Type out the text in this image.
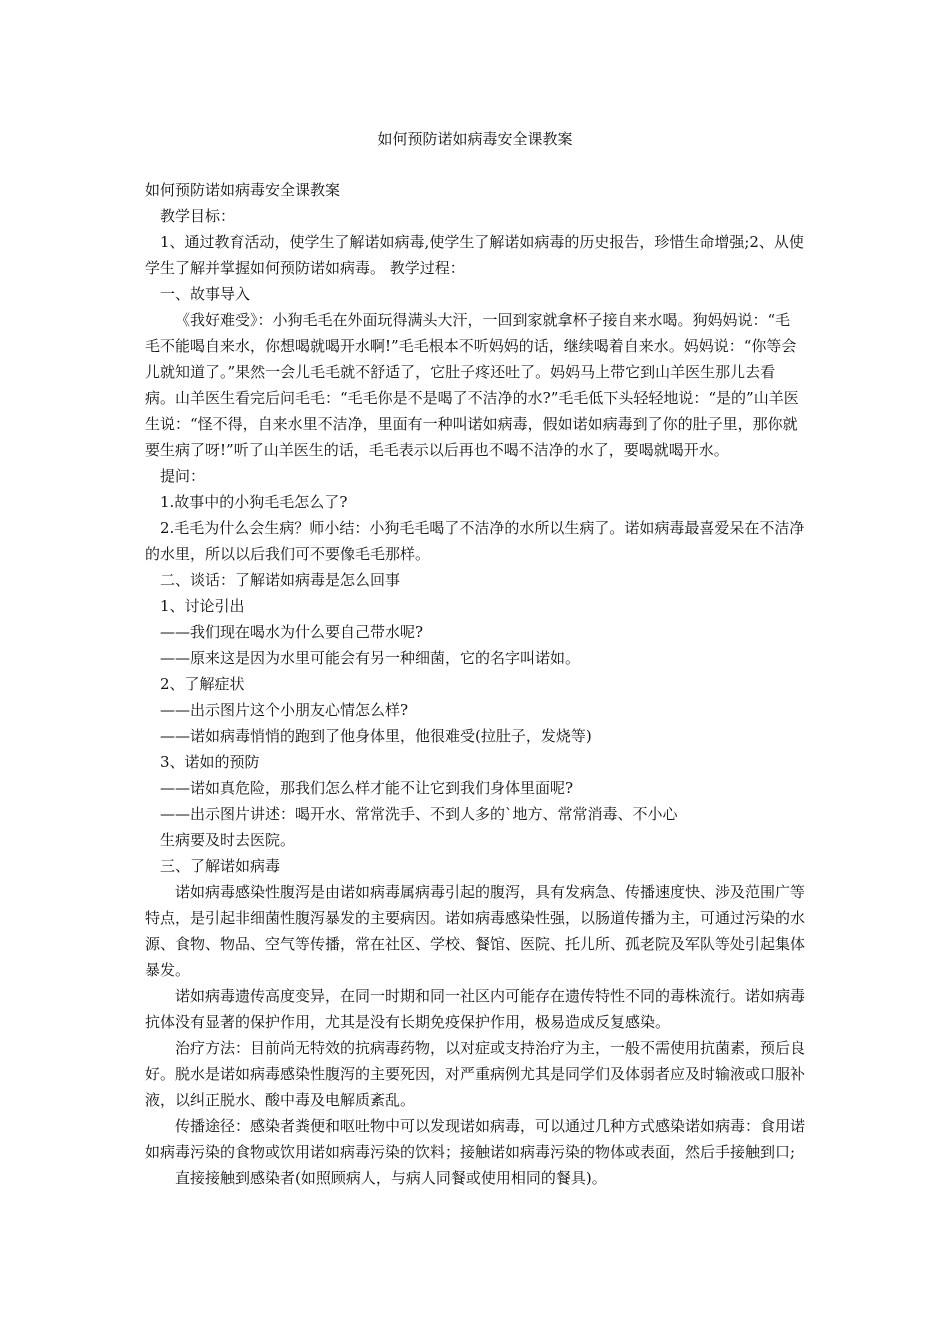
如何预防诺如病毒安全课教案

如何预防诺如病毒安全课教案

教学目标：

1、通过教育活动，使学生了解诺如病毒,使学生了解诺如病毒的历史报告，珍惜生命增强;2、从使学生了解并掌握如何预防诺如病毒。 教学过程：

一、故事导入

《我好难受》：小狗毛毛在外面玩得满头大汗，一回到家就拿杯子接自来水喝。狗妈妈说：“毛毛不能喝自来水，你想喝就喝开水啊!”毛毛根本不听妈妈的话，继续喝着自来水。妈妈说：“你等会儿就知道了。”果然一会儿毛毛就不舒适了，它肚子疼还吐了。妈妈马上带它到山羊医生那儿去看病。山羊医生看完后问毛毛：“毛毛你是不是喝了不洁净的水?”毛毛低下头轻轻地说：“是的”山羊医生说：“怪不得，自来水里不洁净，里面有一种叫诺如病毒，假如诺如病毒到了你的肚子里，那你就要生病了呀!”听了山羊医生的话，毛毛表示以后再也不喝不洁净的水了，要喝就喝开水。

提问：

1.故事中的小狗毛毛怎么了?

2.毛毛为什么会生病？师小结：小狗毛毛喝了不洁净的水所以生病了。诺如病毒最喜爱呆在不洁净的水里，所以以后我们可不要像毛毛那样。

二、谈话：了解诺如病毒是怎么回事

1、讨论引出

——我们现在喝水为什么要自己带水呢?

——原来这是因为水里可能会有另一种细菌，它的名字叫诺如。

2、了解症状

——出示图片这个小朋友心情怎么样?

——诺如病毒悄悄的跑到了他身体里，他很难受(拉肚子，发烧等)

3、诺如的预防

——诺如真危险，那我们怎么样才能不让它到我们身体里面呢?

——出示图片讲述：喝开水、常常洗手、不到人多的`地方、常常消毒、不小心

生病要及时去医院。

三、了解诺如病毒

诺如病毒感染性腹泻是由诺如病毒属病毒引起的腹泻，具有发病急、传播速度快、涉及范围广等特点，是引起非细菌性腹泻暴发的主要病因。诺如病毒感染性强，以肠道传播为主，可通过污染的水源、食物、物品、空气等传播，常在社区、学校、餐馆、医院、托儿所、孤老院及军队等处引起集体暴发。

诺如病毒遗传高度变异，在同一时期和同一社区内可能存在遗传特性不同的毒株流行。诺如病毒抗体没有显著的保护作用，尤其是没有长期免疫保护作用，极易造成反复感染。

治疗方法：目前尚无特效的抗病毒药物，以对症或支持治疗为主，一般不需使用抗菌素，预后良好。脱水是诺如病毒感染性腹泻的主要死因，对严重病例尤其是同学们及体弱者应及时输液或口服补液，以纠正脱水、酸中毒及电解质紊乱。

传播途径：感染者粪便和呕吐物中可以发现诺如病毒，可以通过几种方式感染诺如病毒：食用诺如病毒污染的食物或饮用诺如病毒污染的饮料；接触诺如病毒污染的物体或表面，然后手接触到口;

直接接触到感染者(如照顾病人，与病人同餐或使用相同的餐具)。
